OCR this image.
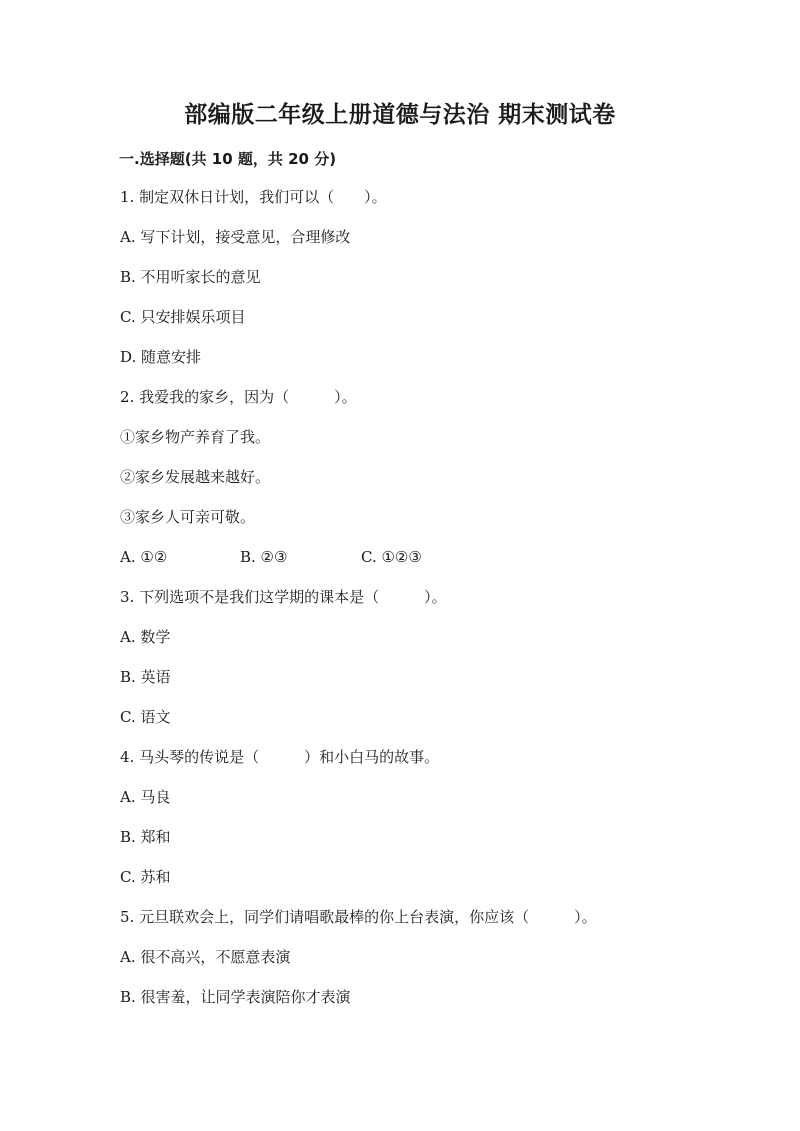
部编版二年级上册道德与法治 期末测试卷
一.选择题(共 10 题，共 20 分)
1. 制定双休日计划，我们可以（　　）。
A. 写下计划，接受意见，合理修改
B. 不用听家长的意见
C. 只安排娱乐项目
D. 随意安排
2. 我爱我的家乡，因为（　　　）。
①家乡物产养育了我。
②家乡发展越来越好。
③家乡人可亲可敬。
A. ①②	B. ②③	C. ①②③
3. 下列选项不是我们这学期的课本是（　　　）。
A. 数学
B. 英语
C. 语文
4. 马头琴的传说是（　　　）和小白马的故事。
A. 马良
B. 郑和
C. 苏和
5. 元旦联欢会上，同学们请唱歌最棒的你上台表演，你应该（　　　）。
A. 很不高兴，不愿意表演
B. 很害羞，让同学表演陪你才表演
